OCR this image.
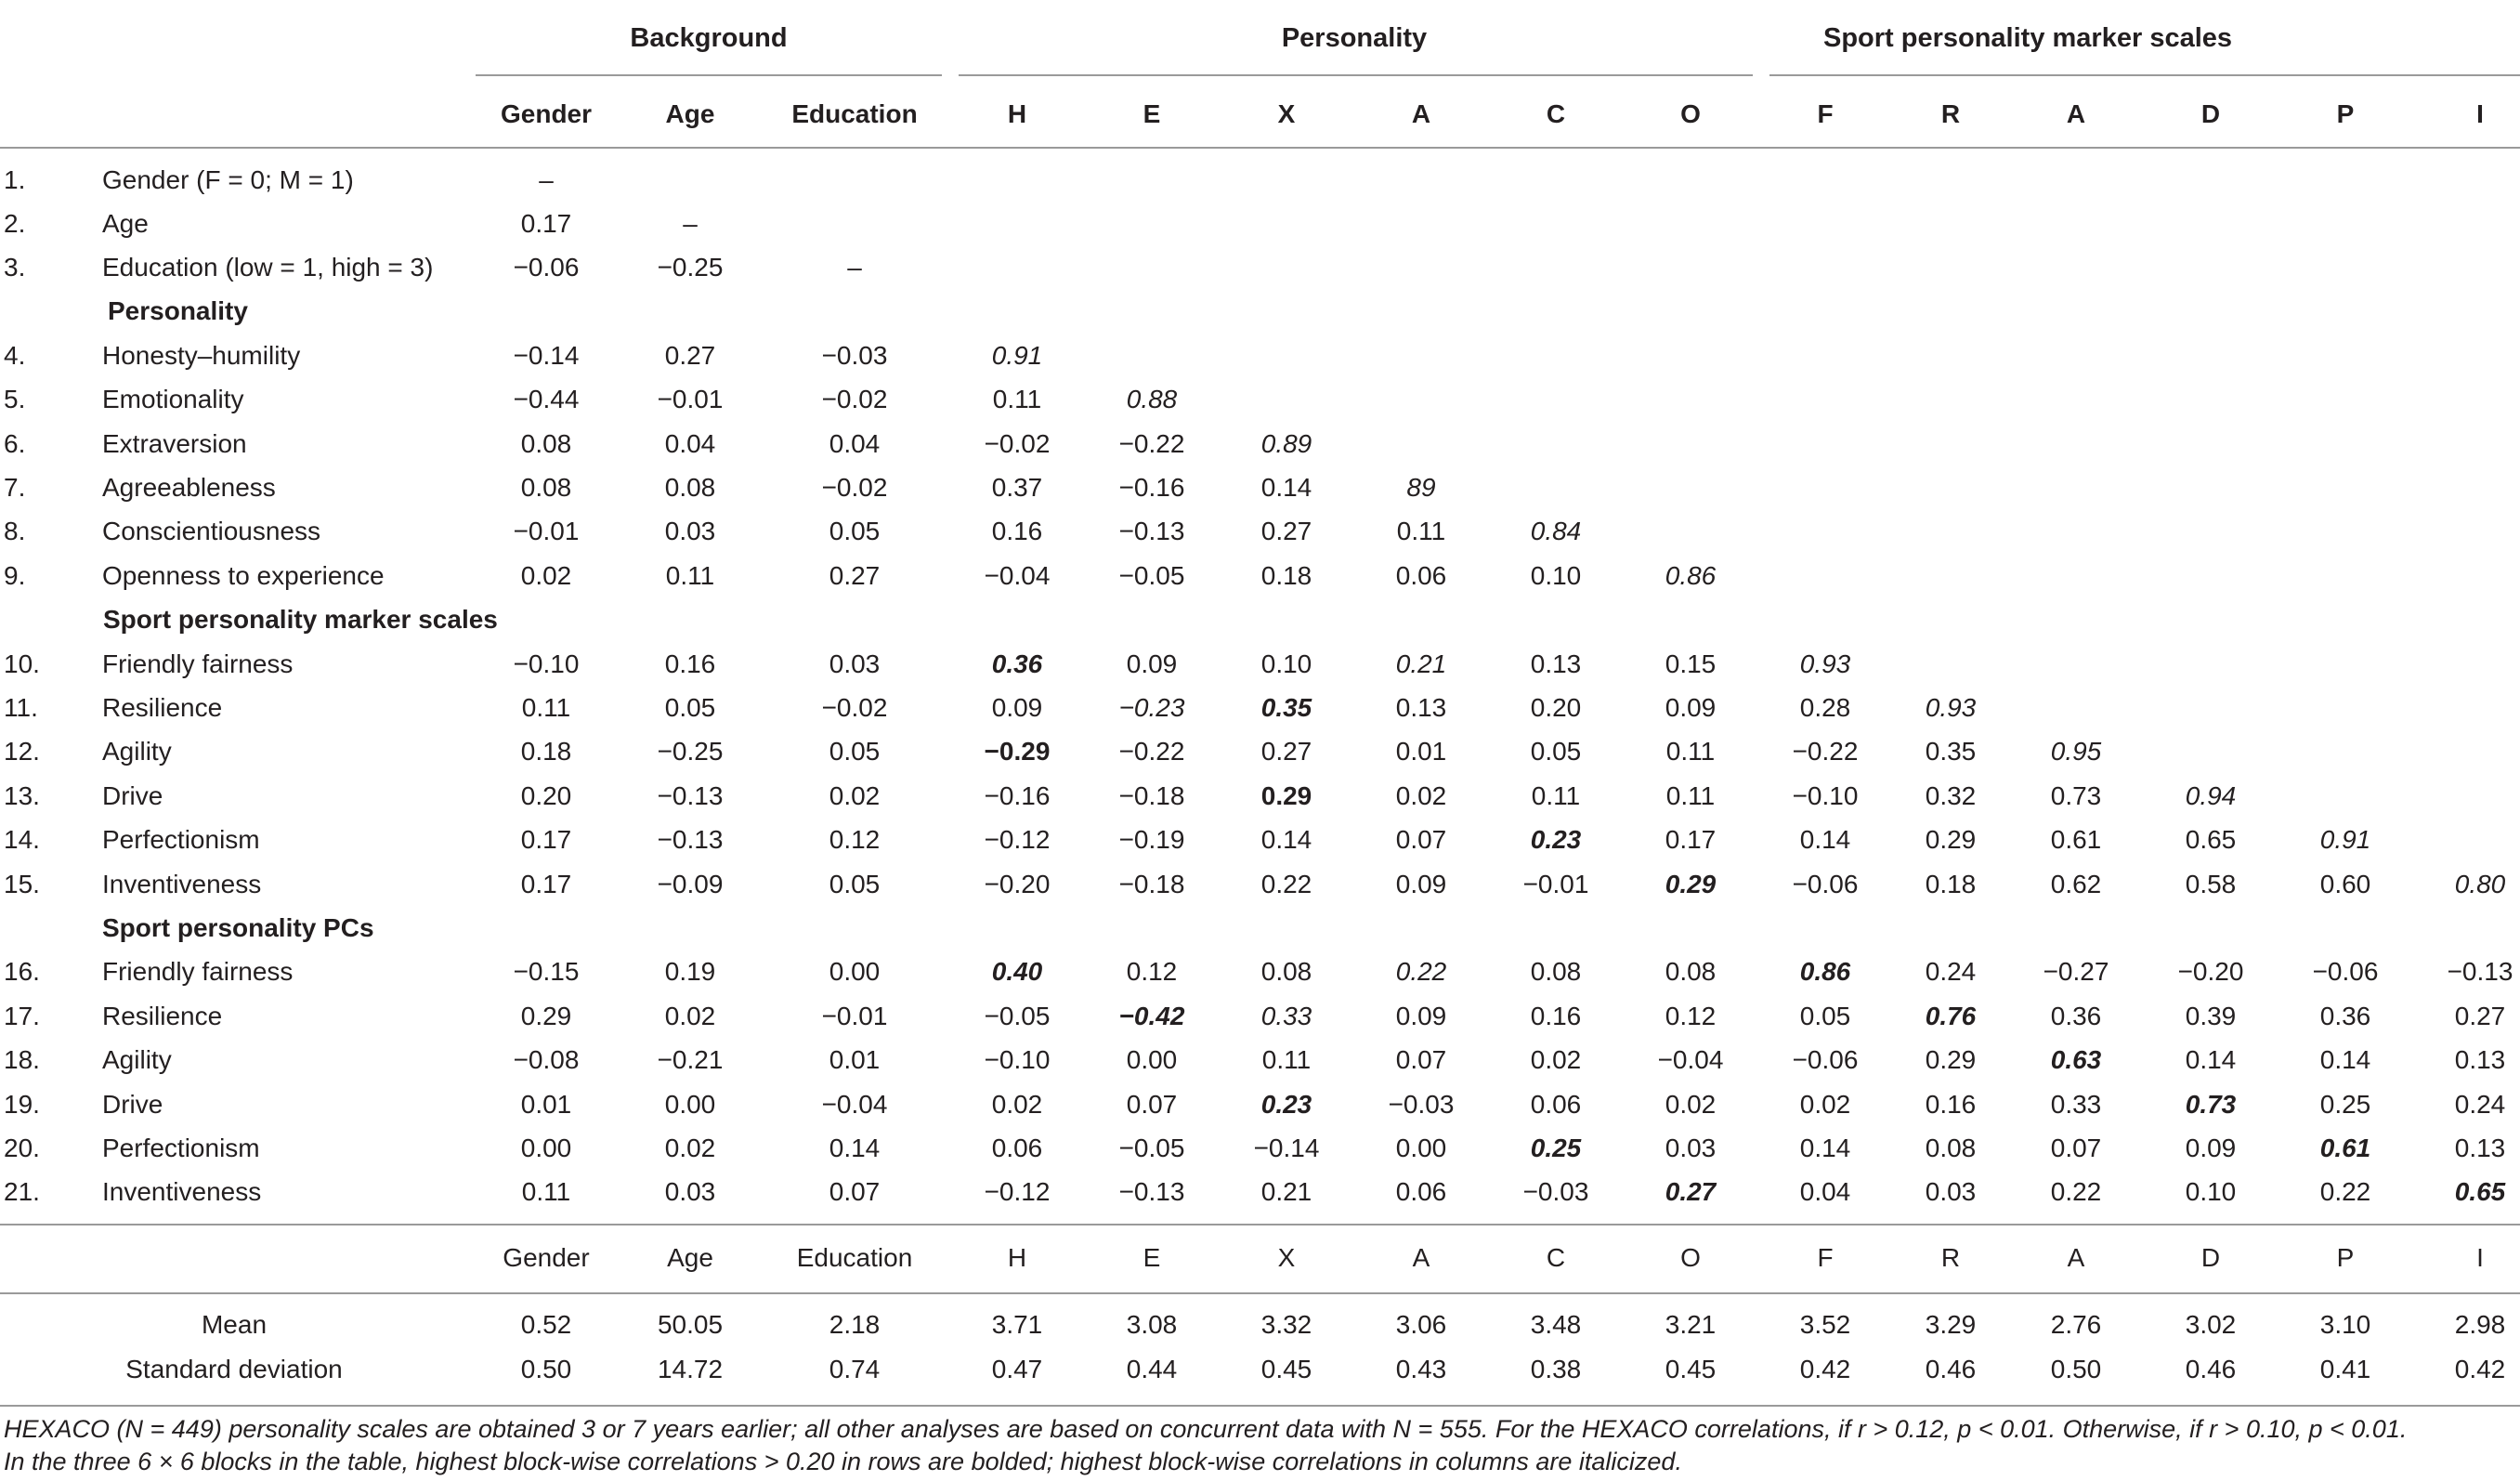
Background	Personality	Sport personality marker scales
Gender	Age	Education	H	E	X	A	C	O	F	R	A	D	P	I
Personality
Sport personality marker scales
Sport personality PCs
1.	Gender (F = 0; M = 1)	–
2.	Age	0.17	–
3.	Education (low = 1, high = 3)	−0.06	−0.25	–
4.	Honesty–humility	−0.14	0.27	−0.03	0.91
5.	Emotionality	−0.44	−0.01	−0.02	0.11	0.88
6.	Extraversion	0.08	0.04	0.04	−0.02	−0.22	0.89
7.	Agreeableness	0.08	0.08	−0.02	0.37	−0.16	0.14	89
8.	Conscientiousness	−0.01	0.03	0.05	0.16	−0.13	0.27	0.11	0.84
9.	Openness to experience	0.02	0.11	0.27	−0.04	−0.05	0.18	0.06	0.10	0.86
10. Friendly fairness	−0.10	0.16	0.03	0.36	0.09	0.10	0.21	0.13	0.15	0.93
11. Resilience	0.11	0.05	−0.02	0.09	−0.23	0.35	0.13	0.20	0.09	0.28	0.93
12. Agility	0.18	−0.25	0.05	−0.29	−0.22	0.27	0.01	0.05	0.11	−0.22	0.35	0.95
13. Drive	0.20	−0.13	0.02	−0.16	−0.18	0.29	0.02	0.11	0.11	−0.10	0.32	0.73	0.94
14. Perfectionism	0.17	−0.13	0.12	−0.12	−0.19	0.14	0.07	0.23	0.17	0.14	0.29	0.61	0.65	0.91
15. Inventiveness	0.17	−0.09	0.05	−0.20	−0.18	0.22	0.09	−0.01	0.29	−0.06	0.18	0.62	0.58	0.60	0.80
16. Friendly fairness	−0.15	0.19	0.00	0.40	0.12	0.08	0.22	0.08	0.08	0.86	0.24	−0.27	−0.20	−0.06	−0.13
17. Resilience	0.29	0.02	−0.01	−0.05	−0.42	0.33	0.09	0.16	0.12	0.05	0.76	0.36	0.39	0.36	0.27
18. Agility	−0.08	−0.21	0.01	−0.10	0.00	0.11	0.07	0.02	−0.04	−0.06	0.29	0.63	0.14	0.14	0.13
19. Drive	0.01	0.00	−0.04	0.02	0.07	0.23	−0.03	0.06	0.02	0.02	0.16	0.33	0.73	0.25	0.24
20. Perfectionism	0.00	0.02	0.14	0.06	−0.05	−0.14	0.00	0.25	0.03	0.14	0.08	0.07	0.09	0.61	0.13
21. Inventiveness	0.11	0.03	0.07	−0.12	−0.13	0.21	0.06	−0.03	0.27	0.04	0.03	0.22	0.10	0.22	0.65
Gender	Age	Education	H	E	X	A	C	O	F	R	A	D	P	I
Mean	0.52	50.05	2.18	3.71	3.08	3.32	3.06	3.48	3.21	3.52	3.29	2.76	3.02	3.10	2.98
Standard deviation	0.50	14.72	0.74	0.47	0.44	0.45	0.43	0.38	0.45	0.42	0.46	0.50	0.46	0.41	0.42
HEXACO (N = 449) personality scales are obtained 3 or 7 years earlier; all other analyses are based on concurrent data with N = 555. For the HEXACO correlations, if r > 0.12, p < 0.01. Otherwise, if r > 0.10, p < 0.01.
In the three 6 × 6 blocks in the table, highest block-wise correlations > 0.20 in rows are bolded; highest block-wise correlations in columns are italicized.
